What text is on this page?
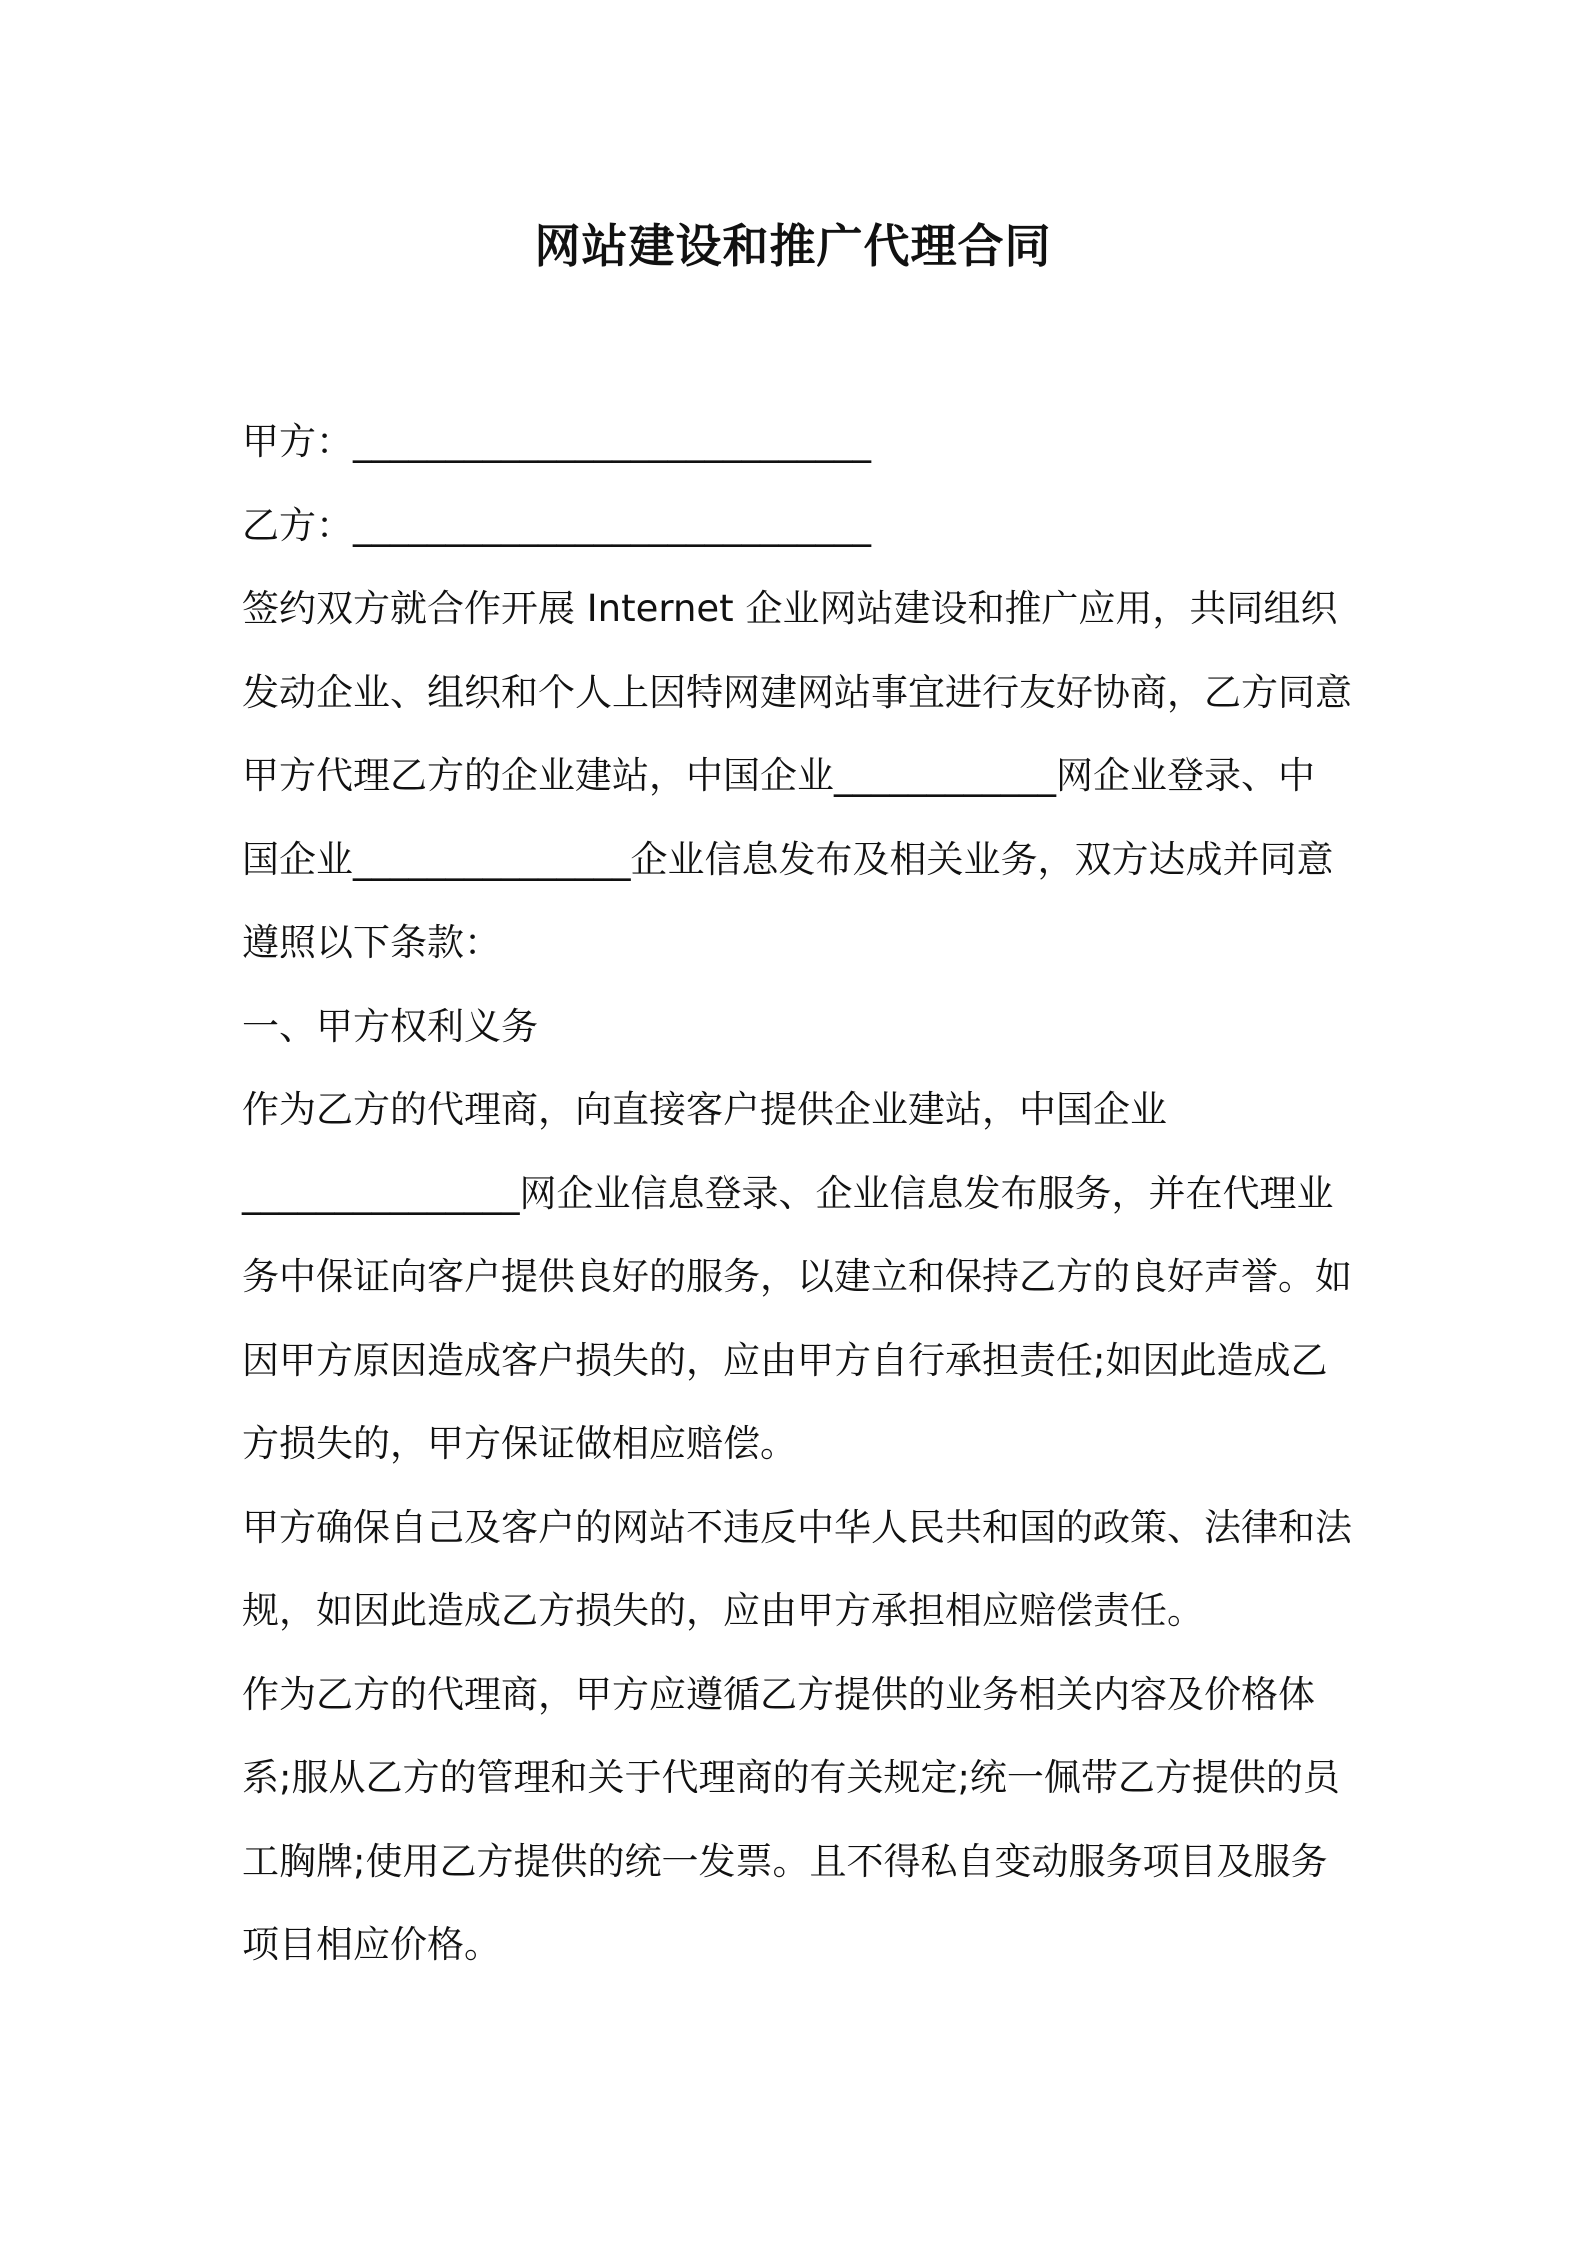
网站建设和推广代理合同
甲方：____________________________
乙方：____________________________
签约双方就合作开展 Internet 企业网站建设和推广应用，共同组织
发动企业、组织和个人上因特网建网站事宜进行友好协商，乙方同意
甲方代理乙方的企业建站，中国企业____________网企业登录、中
国企业_______________企业信息发布及相关业务，双方达成并同意
遵照以下条款：
一、甲方权利义务
作为乙方的代理商，向直接客户提供企业建站，中国企业
_______________网企业信息登录、企业信息发布服务，并在代理业
务中保证向客户提供良好的服务，以建立和保持乙方的良好声誉。如
因甲方原因造成客户损失的，应由甲方自行承担责任;如因此造成乙
方损失的，甲方保证做相应赔偿。
甲方确保自己及客户的网站不违反中华人民共和国的政策、法律和法
规，如因此造成乙方损失的，应由甲方承担相应赔偿责任。
作为乙方的代理商，甲方应遵循乙方提供的业务相关内容及价格体
系;服从乙方的管理和关于代理商的有关规定;统一佩带乙方提供的员
工胸牌;使用乙方提供的统一发票。且不得私自变动服务项目及服务
项目相应价格。
